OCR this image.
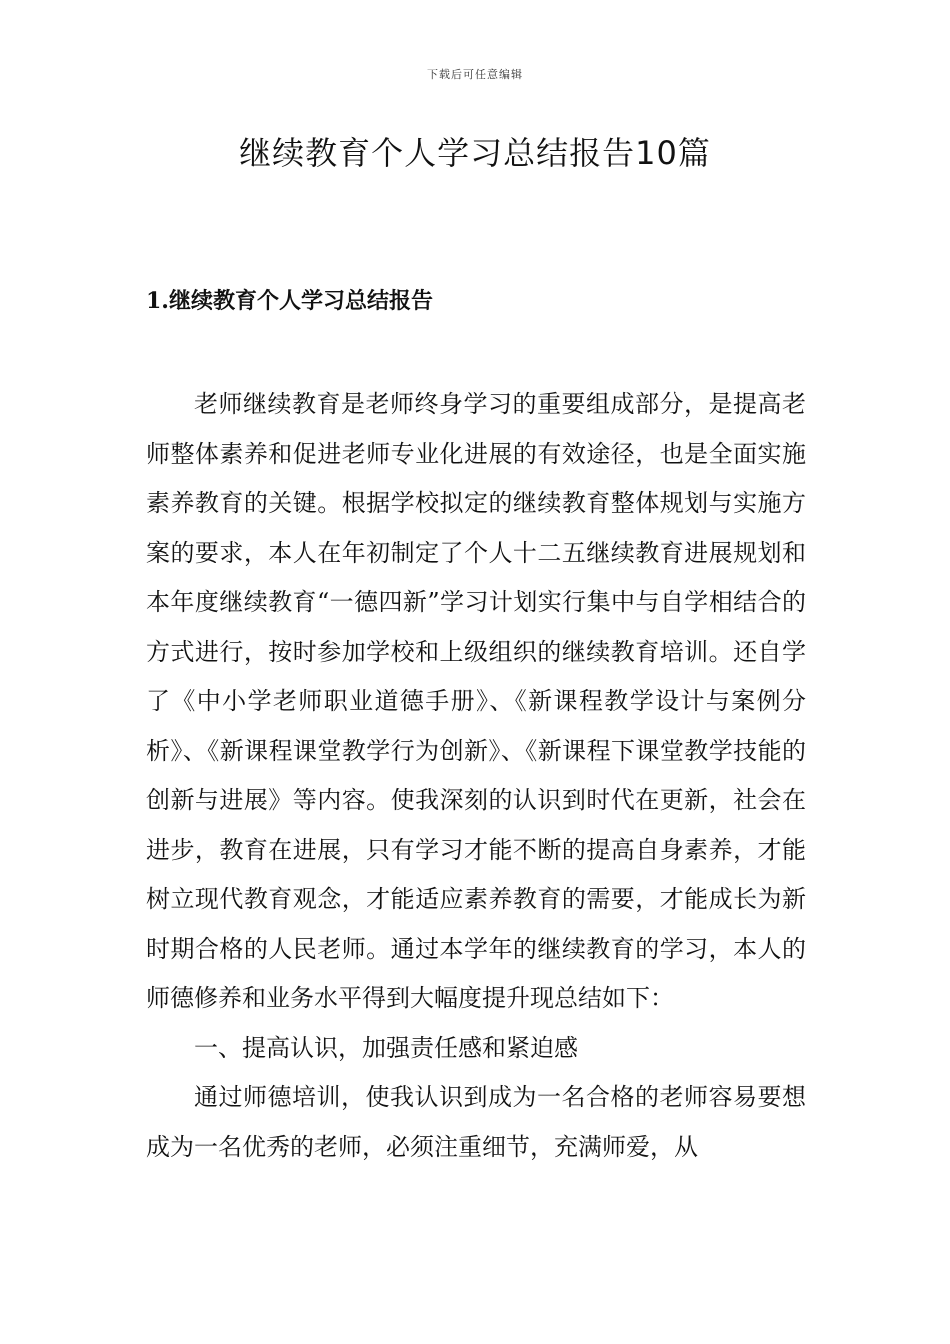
下载后可任意编辑
继续教育个人学习总结报告10篇
1.继续教育个人学习总结报告

老师继续教育是老师终身学习的重要组成部分，是提高老师整体素养和促进老师专业化进展的有效途径，也是全面实施素养教育的关键。根据学校拟定的继续教育整体规划与实施方案的要求，本人在年初制定了个人十二五继续教育进展规划和本年度继续教育“一德四新”学习计划实行集中与自学相结合的方式进行，按时参加学校和上级组织的继续教育培训。还自学了《中小学老师职业道德手册》、《新课程教学设计与案例分析》、《新课程课堂教学行为创新》、《新课程下课堂教学技能的创新与进展》等内容。使我深刻的认识到时代在更新，社会在进步，教育在进展，只有学习才能不断的提高自身素养，才能树立现代教育观念，才能适应素养教育的需要，才能成长为新时期合格的人民老师。通过本学年的继续教育的学习，本人的师德修养和业务水平得到大幅度提升现总结如下：

一、提高认识，加强责任感和紧迫感

通过师德培训，使我认识到成为一名合格的老师容易要想成为一名优秀的老师，必须注重细节，充满师爱，从
